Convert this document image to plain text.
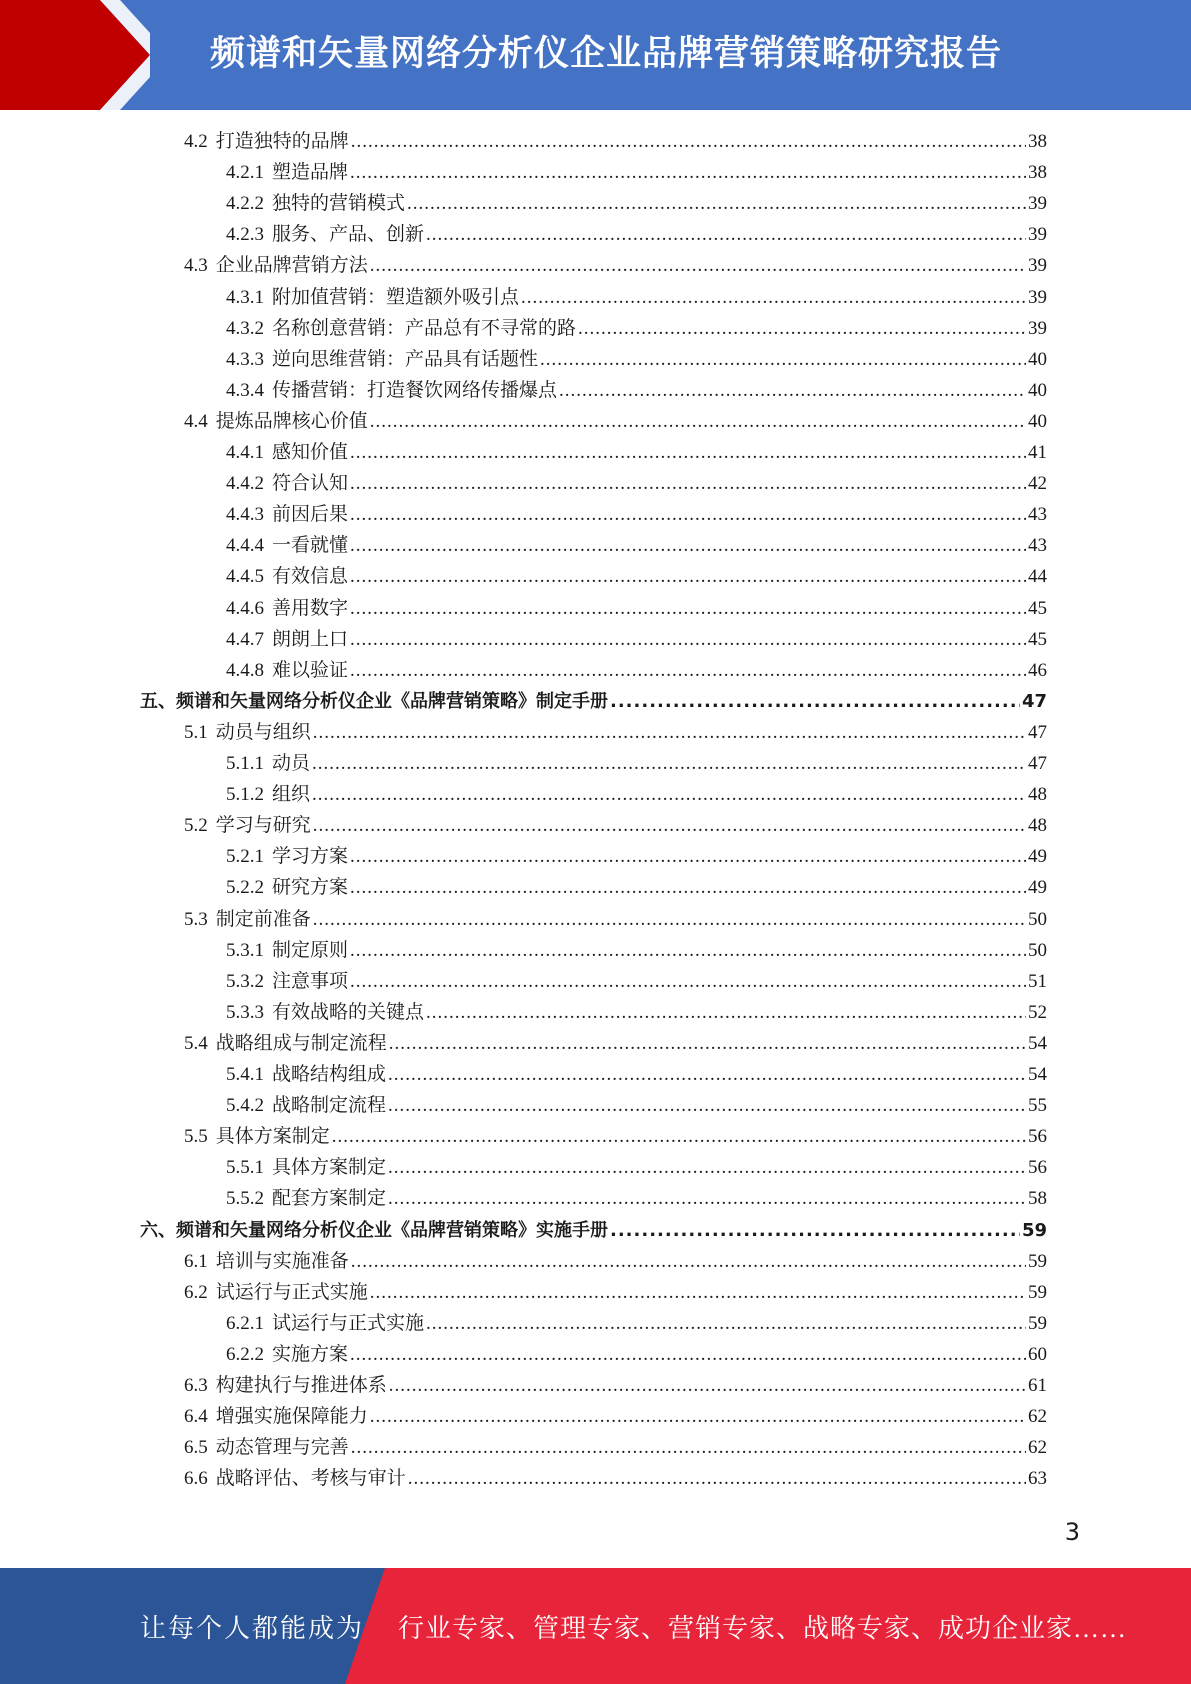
频谱和矢量网络分析仪企业品牌营销策略研究报告
4.2 打造独特的品牌 .....	38
4.2.1 塑造品牌 .....	38
4.2.2 独特的营销模式 .....	39
4.2.3 服务、产品、创新 .....	39
4.3 企业品牌营销方法 .....	39
4.3.1 附加值营销：塑造额外吸引点 .....	39
4.3.2 名称创意营销：产品总有不寻常的路 .....	39
4.3.3 逆向思维营销：产品具有话题性 .....	40
4.3.4 传播营销：打造餐饮网络传播爆点 .....	40
4.4 提炼品牌核心价值 .....	40
4.4.1 感知价值 .....	41
4.4.2 符合认知 .....	42
4.4.3 前因后果 .....	43
4.4.4 一看就懂 .....	43
4.4.5 有效信息 .....	44
4.4.6 善用数字 .....	45
4.4.7 朗朗上口 .....	45
4.4.8 难以验证 .....	46
五、 频谱和矢量网络分析仪企业《品牌营销策略》制定手册 .....	47
5.1 动员与组织 .....	47
5.1.1 动员 .....	47
5.1.2 组织 .....	48
5.2 学习与研究 .....	48
5.2.1 学习方案 .....	49
5.2.2 研究方案 .....	49
5.3 制定前准备 .....	50
5.3.1 制定原则 .....	50
5.3.2 注意事项 .....	51
5.3.3 有效战略的关键点 .....	52
5.4 战略组成与制定流程 .....	54
5.4.1 战略结构组成 .....	54
5.4.2 战略制定流程 .....	55
5.5 具体方案制定 .....	56
5.5.1 具体方案制定 .....	56
5.5.2 配套方案制定 .....	58
六、 频谱和矢量网络分析仪企业《品牌营销策略》实施手册 .....	59
6.1 培训与实施准备 .....	59
6.2 试运行与正式实施 .....	59
6.2.1 试运行与正式实施 .....	59
6.2.2 实施方案 .....	60
6.3 构建执行与推进体系 .....	61
6.4 增强实施保障能力 .....	62
6.5 动态管理与完善 .....	62
6.6 战略评估、考核与审计 .....	63
3
让每个人都能成为 行业专家、管理专家、营销专家、战略专家、成功企业家……
